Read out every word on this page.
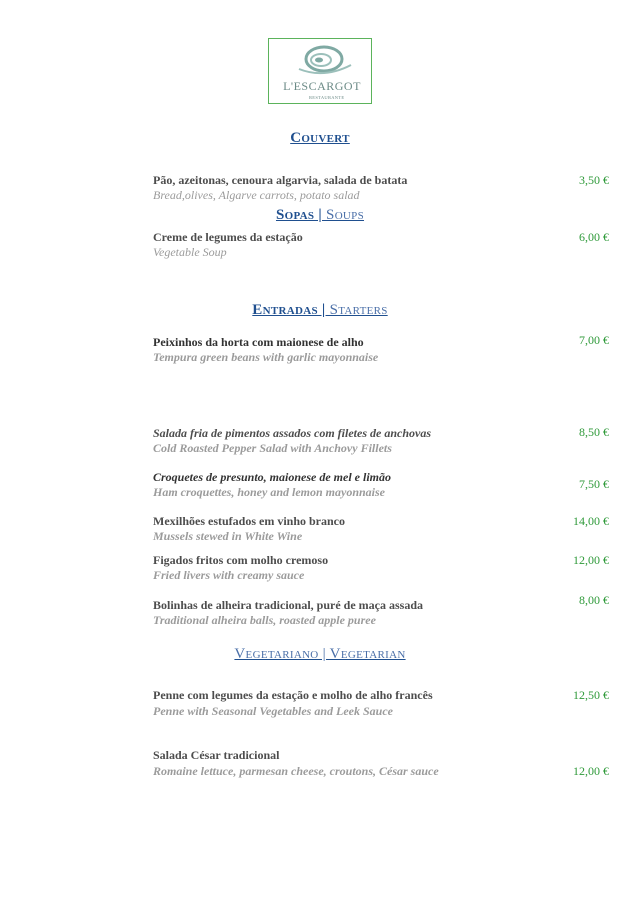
L'ESCARGOT
RESTAURANTE
Couvert
Pão, azeitonas, cenoura algarvia, salada de batata
Bread,olives, Algarve carrots, potato salad
3,50 €
Sopas | Soups
Creme de legumes da estação
Vegetable Soup
6,00 €
Entradas | Starters
Peixinhos da horta com maionese de alho
Tempura green beans with garlic mayonnaise
7,00 €
Salada fria de pimentos assados com filetes de anchovas
Cold Roasted Pepper Salad with Anchovy Fillets
8,50 €
Croquetes de presunto, maionese de mel e limão
Ham croquettes, honey and lemon mayonnaise
7,50 €
Mexilhões estufados em vinho branco
Mussels stewed in White Wine
14,00 €
Figados fritos com molho cremoso
Fried livers with creamy sauce
12,00 €
Bolinhas de alheira tradicional, puré de maça assada
Traditional alheira balls, roasted apple puree
8,00 €
Vegetariano | Vegetarian
Penne com legumes da estação e molho de alho francês
Penne with Seasonal Vegetables and Leek Sauce
12,50 €
Salada César tradicional
Romaine lettuce, parmesan cheese, croutons, César sauce	12,00 €
